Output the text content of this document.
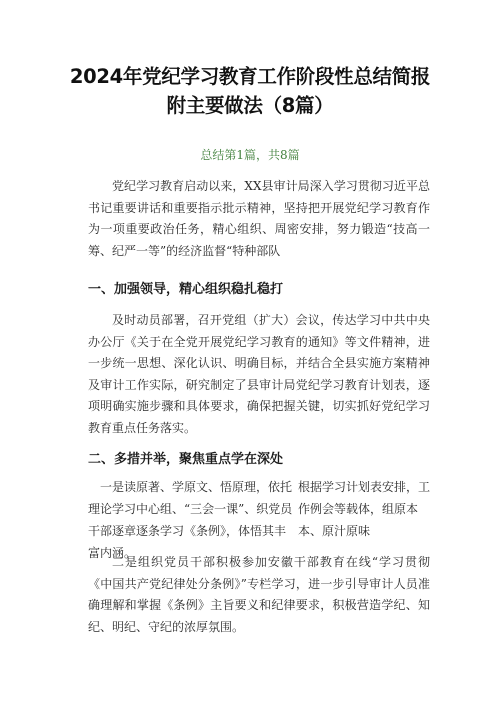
2024年党纪学习教育工作阶段性总结简报
附主要做法（8篇）
总结第1篇，共8篇
党纪学习教育启动以来，XX县审计局深入学习贯彻习近平总书记重要讲话和重要指示批示精神，坚持把开展党纪学习教育作为一项重要政治任务，精心组织、周密安排，努力锻造“技高一筹、纪严一等”的经济监督“特种部队
一、加强领导，精心组织稳扎稳打
及时动员部署，召开党组（扩大）会议，传达学习中共中央办公厅《关于在全党开展党纪学习教育的通知》等文件精神，进一步统一思想、深化认识、明确目标，并结合全县实施方案精神及审计工作实际，研究制定了县审计局党纪学习教育计划表，逐项明确实施步骤和具体要求，确保把握关键，切实抓好党纪学习教育重点任务落实。
二、多措并举，聚焦重点学在深处
一是读原著、学原文、悟原理，依托理论学习中心组、“三会一课”、织党员干部逐章逐条学习《条例》，体悟其丰富内涵。
根据学习计划表安排，工作例会等载体，组原本本、原汁原味
二是组织党员干部积极参加安徽干部教育在线“学习贯彻《中国共产党纪律处分条例》”专栏学习，进一步引导审计人员准确理解和掌握《条例》主旨要义和纪律要求，积极营造学纪、知纪、明纪、守纪的浓厚氛围。
